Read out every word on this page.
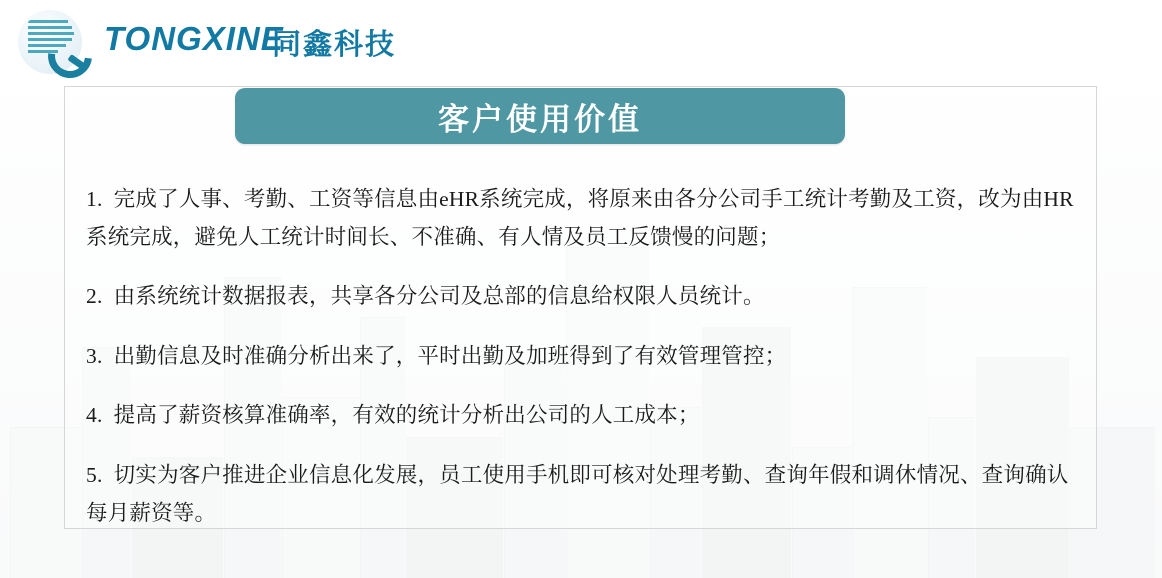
TONGXINE
同鑫科技
客户使用价值

1.  完成了人事、考勤、工资等信息由eHR系统完成，将原来由各分公司手工统计考勤及工资，改为由HR系统完成，避免人工统计时间长、不准确、有人情及员工反馈慢的问题；

2.  由系统统计数据报表，共享各分公司及总部的信息给权限人员统计。

3.  出勤信息及时准确分析出来了，平时出勤及加班得到了有效管理管控；

4.  提高了薪资核算准确率，有效的统计分析出公司的人工成本；

5.  切实为客户推进企业信息化发展，员工使用手机即可核对处理考勤、查询年假和调休情况、查询确认每月薪资等。
